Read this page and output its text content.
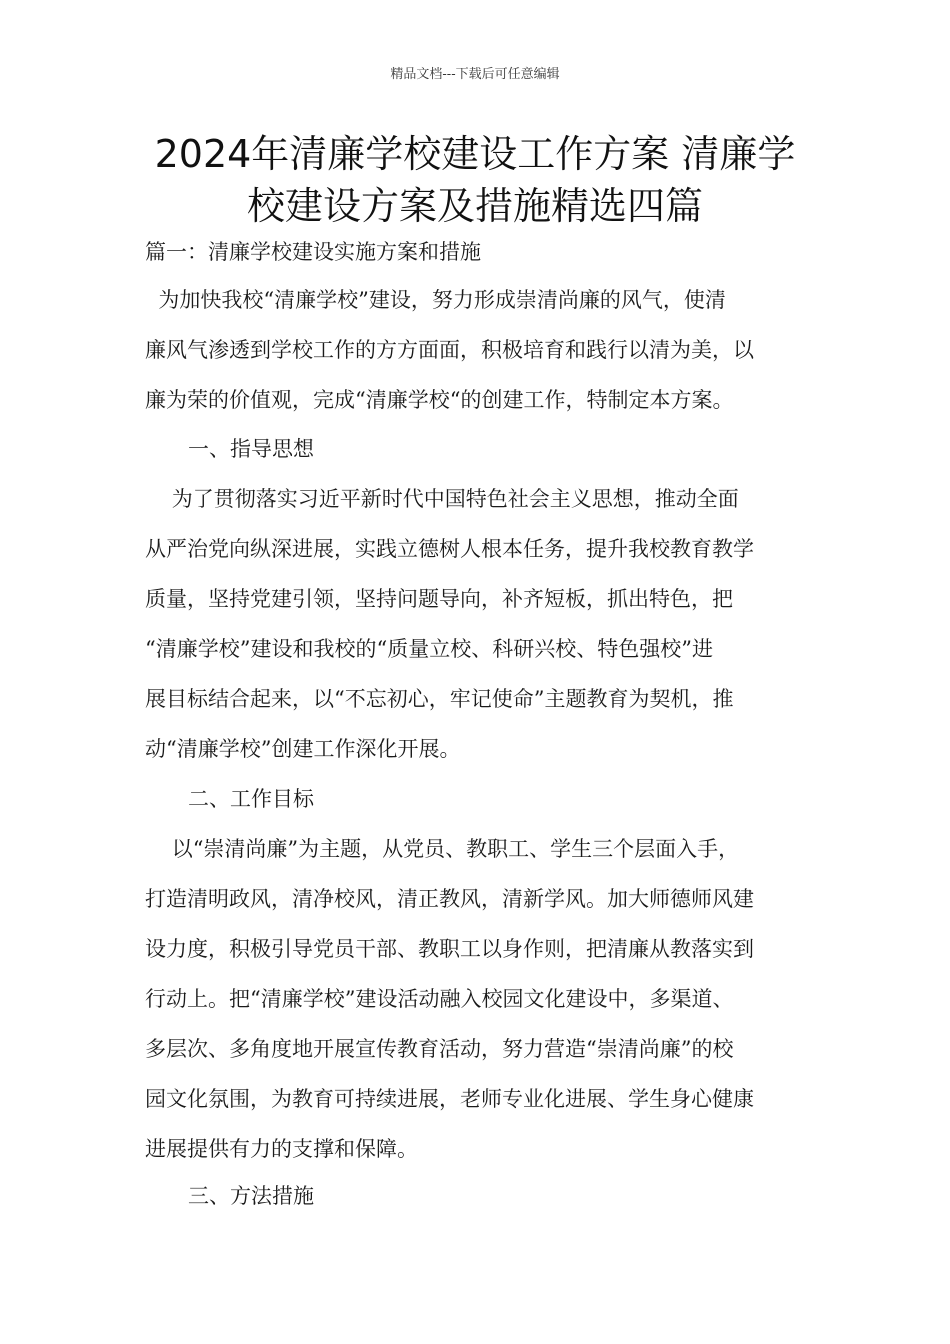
精品文档---下载后可任意编辑
2024年清廉学校建设工作方案 清廉学
校建设方案及措施精选四篇
篇一：清廉学校建设实施方案和措施
为加快我校“清廉学校”建设，努力形成崇清尚廉的风气，使清
廉风气渗透到学校工作的方方面面，积极培育和践行以清为美，以
廉为荣的价值观，完成“清廉学校“的创建工作，特制定本方案。
一、指导思想
为了贯彻落实习近平新时代中国特色社会主义思想，推动全面
从严治党向纵深进展，实践立德树人根本任务，提升我校教育教学
质量，坚持党建引领，坚持问题导向，补齐短板，抓出特色，把
“清廉学校”建设和我校的“质量立校、科研兴校、特色强校”进
展目标结合起来，以“不忘初心，牢记使命”主题教育为契机，推
动“清廉学校”创建工作深化开展。
二、工作目标
以“崇清尚廉”为主题，从党员、教职工、学生三个层面入手，
打造清明政风，清净校风，清正教风，清新学风。加大师德师风建
设力度，积极引导党员干部、教职工以身作则，把清廉从教落实到
行动上。把“清廉学校”建设活动融入校园文化建设中，多渠道、
多层次、多角度地开展宣传教育活动，努力营造“崇清尚廉”的校
园文化氛围，为教育可持续进展，老师专业化进展、学生身心健康
进展提供有力的支撑和保障。
三、方法措施
